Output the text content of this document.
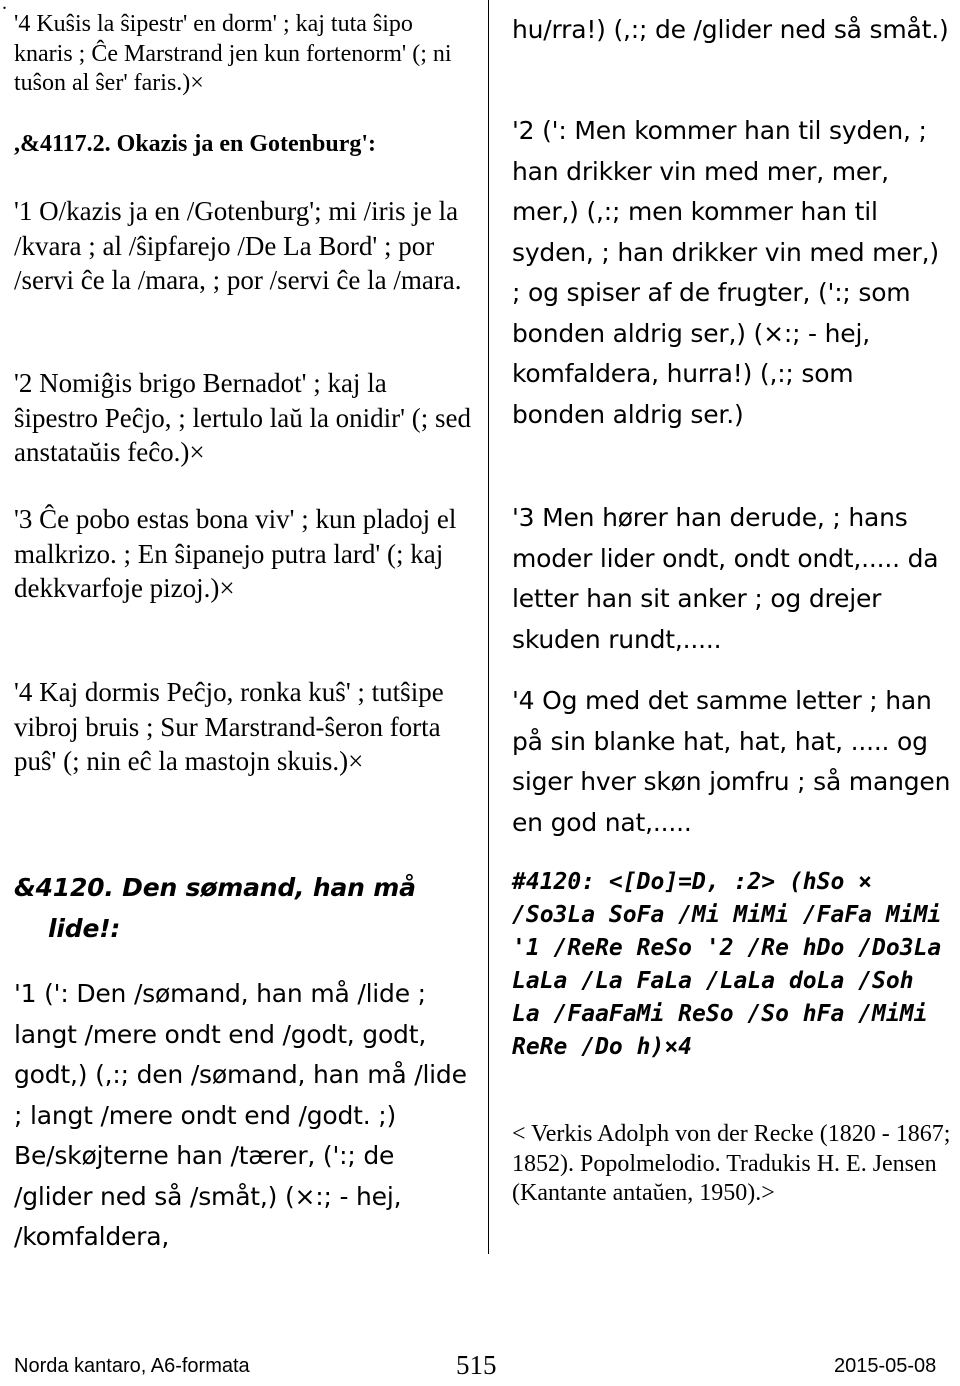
.

'4 Kuŝis la ŝipestr' en dorm' ; kaj tuta ŝipo knaris ; Ĉe Marstrand jen kun fortenorm' (; ni tuŝon al ŝer' faris.)×

,&4117.2. Okazis ja en Gotenburg':

'1 O/kazis ja en /Gotenburg'; mi /iris je la /kvara ; al /ŝipfarejo /De La Bord' ; por /servi ĉe la /mara, ; por /servi ĉe la /mara.

'2 Nomiĝis brigo Bernadot' ; kaj la ŝipestro Peĉjo, ; lertulo laŭ la onidir' (; sed anstataŭis feĉo.)×

'3 Ĉe pobo estas bona viv' ; kun pladoj el malkrizo. ; En ŝipanejo putra lard' (; kaj dekkvarfoje pizoj.)×

'4 Kaj dormis Peĉjo, ronka kuŝ' ; tutŝipe vibroj bruis ; Sur Marstrand-ŝeron forta puŝ' (; nin eĉ la mastojn skuis.)×

&4120. Den sømand, han må
lide!:

'1 (': Den /sømand, han må /lide ; langt /mere ondt end /godt, godt, godt,) (,:; den /sømand, han må /lide ; langt /mere ondt end /godt. ;) Be/skøjterne han /tærer, (':; de /glider ned så /småt,) (×:; - hej, /komfaldera,

hu/rra!) (,:; de /glider ned så småt.)

'2 (': Men kommer han til syden, ; han drikker vin med mer, mer, mer,) (,:; men kommer han til syden, ; han drikker vin med mer,) ; og spiser af de frugter, (':; som bonden aldrig ser,) (×:; - hej, komfaldera, hurra!) (,:; som bonden aldrig ser.)

'3 Men hører han derude, ; hans moder lider ondt, ondt ondt,..... da letter han sit anker ; og drejer skuden rundt,.....

'4 Og med det samme letter ; han på sin blanke hat, hat, hat, ..... og siger hver skøn jomfru ; så mangen en god nat,.....

#4120: <[Do]=D, :2> (hSo × /So3La SoFa /Mi MiMi /FaFa MiMi '1 /ReRe ReSo '2 /Re hDo /Do3La LaLa /La FaLa /LaLa doLa /Soh La /FaaFaMi ReSo /So hFa /MiMi ReRe /Do h)×4

< Verkis Adolph von der Recke (1820 - 1867; 1852). Popolmelodio. Tradukis H. E. Jensen (Kantante antaŭen, 1950).>

Norda kantaro, A6-formata	515	2015-05-08
